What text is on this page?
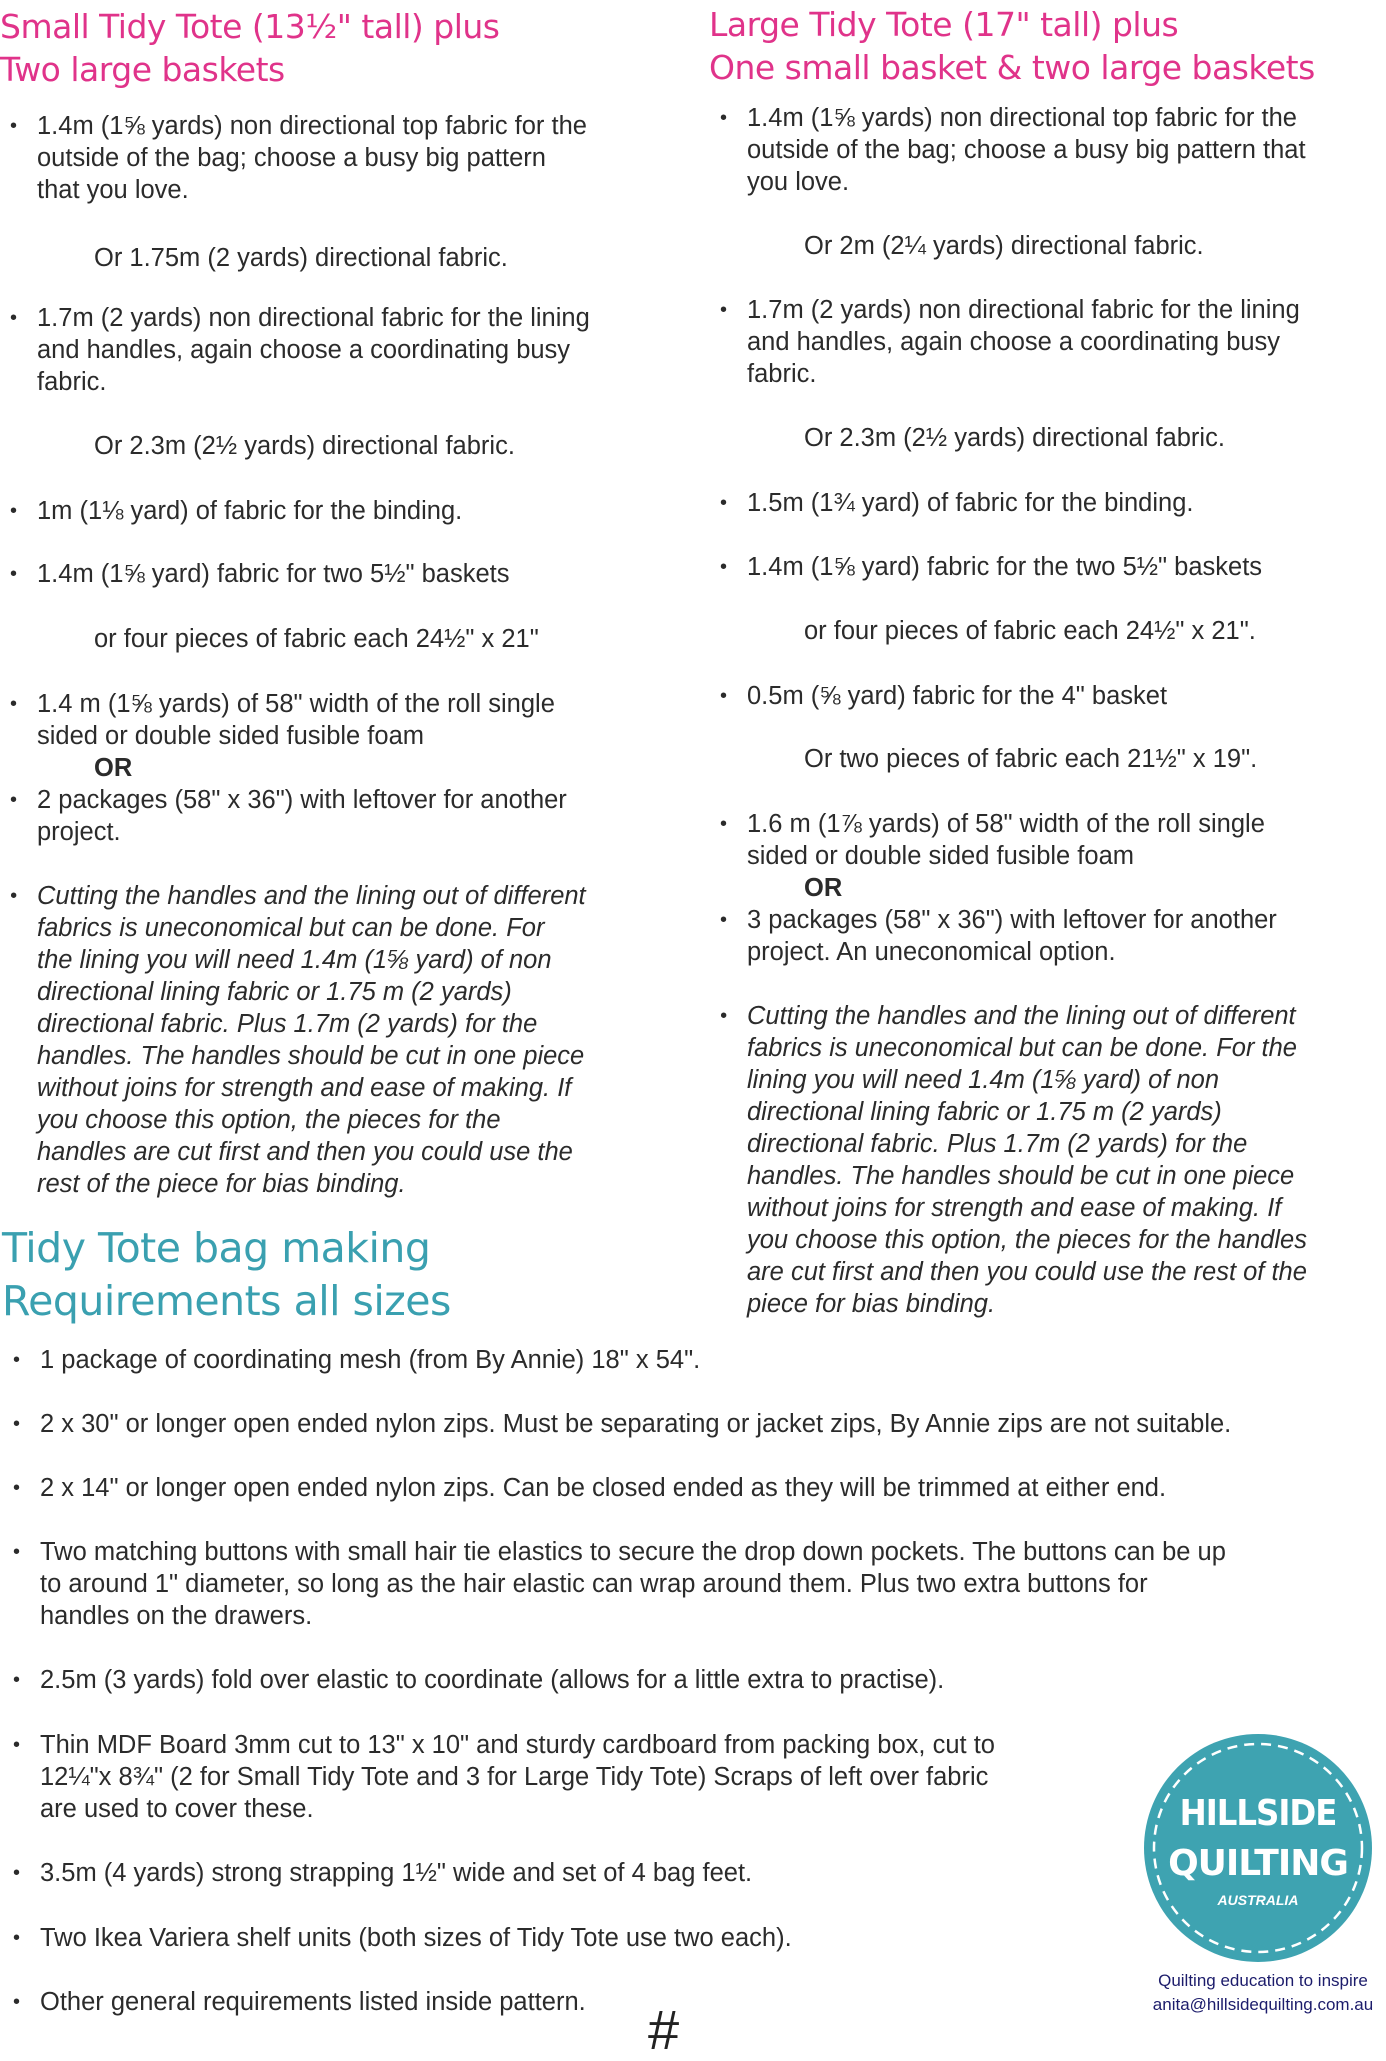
Small Tidy Tote (13½" tall) plus
Two large baskets
Large Tidy Tote (17" tall) plus
One small basket & two large baskets
Tidy Tote bag making
Requirements all sizes
• 1.4m (1⅝ yards) non directional top fabric for the
outside of the bag; choose a busy big pattern
that you love.
Or 1.75m (2 yards) directional fabric.
• 1.7m (2 yards) non directional fabric for the lining
and handles, again choose a coordinating busy
fabric.
Or 2.3m (2½ yards) directional fabric.
• 1m (1⅛ yard) of fabric for the binding.
• 1.4m (1⅝ yard) fabric for two 5½" baskets
or four pieces of fabric each 24½" x 21"
• 1.4 m (1⅝ yards) of 58" width of the roll single
sided or double sided fusible foam
OR
• 2 packages (58" x 36") with leftover for another
project.
• Cutting the handles and the lining out of different
fabrics is uneconomical but can be done. For
the lining you will need 1.4m (1⅝ yard) of non
directional lining fabric or 1.75 m (2 yards)
directional fabric. Plus 1.7m (2 yards) for the
handles. The handles should be cut in one piece
without joins for strength and ease of making. If
you choose this option, the pieces for the
handles are cut first and then you could use the
rest of the piece for bias binding.
• 1.4m (1⅝ yards) non directional top fabric for the
outside of the bag; choose a busy big pattern that
you love.
Or 2m (2¼ yards) directional fabric.
• 1.7m (2 yards) non directional fabric for the lining
and handles, again choose a coordinating busy
fabric.
Or 2.3m (2½ yards) directional fabric.
• 1.5m (1¾ yard) of fabric for the binding.
• 1.4m (1⅝ yard) fabric for the two 5½" baskets
or four pieces of fabric each 24½" x 21".
• 0.5m (⅝ yard) fabric for the 4" basket
Or two pieces of fabric each 21½" x 19".
• 1.6 m (1⅞ yards) of 58" width of the roll single
sided or double sided fusible foam
OR
• 3 packages (58" x 36") with leftover for another
project. An uneconomical option.
• Cutting the handles and the lining out of different
fabrics is uneconomical but can be done. For the
lining you will need 1.4m (1⅝ yard) of non
directional lining fabric or 1.75 m (2 yards)
directional fabric. Plus 1.7m (2 yards) for the
handles. The handles should be cut in one piece
without joins for strength and ease of making. If
you choose this option, the pieces for the handles
are cut first and then you could use the rest of the
piece for bias binding.
• 1 package of coordinating mesh (from By Annie) 18" x 54".
• 2 x 30" or longer open ended nylon zips. Must be separating or jacket zips, By Annie zips are not suitable.
• 2 x 14" or longer open ended nylon zips. Can be closed ended as they will be trimmed at either end.
• Two matching buttons with small hair tie elastics to secure the drop down pockets. The buttons can be up
to around 1" diameter, so long as the hair elastic can wrap around them. Plus two extra buttons for
handles on the drawers.
• 2.5m (3 yards) fold over elastic to coordinate (allows for a little extra to practise).
• Thin MDF Board 3mm cut to 13" x 10" and sturdy cardboard from packing box, cut to
12¼"x 8¾" (2 for Small Tidy Tote and 3 for Large Tidy Tote) Scraps of left over fabric
are used to cover these.
• 3.5m (4 yards) strong strapping 1½" wide and set of 4 bag feet.
• Two Ikea Variera shelf units (both sizes of Tidy Tote use two each).
• Other general requirements listed inside pattern.
HILLSIDE
QUILTING
AUSTRALIA
Quilting education to inspire
anita@hillsidequilting.com.au
#
